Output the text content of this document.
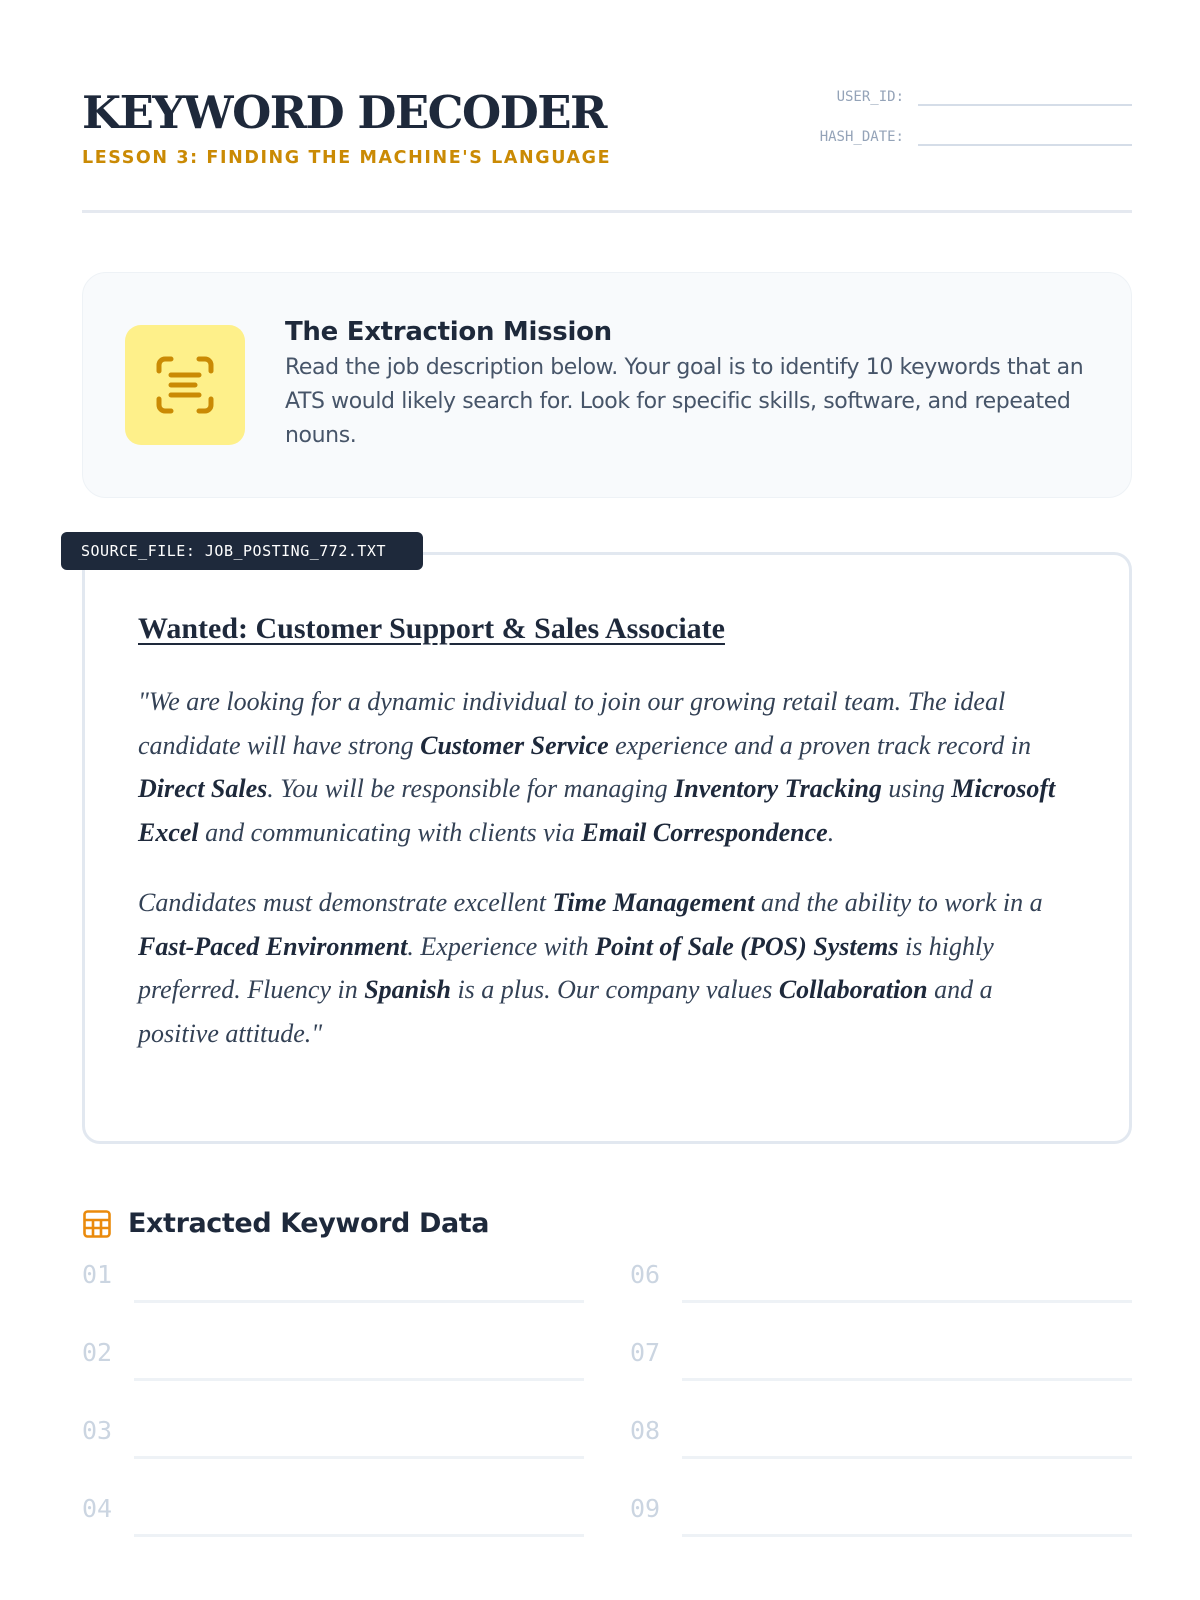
KEYWORD DECODER
LESSON 3: FINDING THE MACHINE'S LANGUAGE
USER_ID:
HASH_DATE:
The Extraction Mission

Read the job description below. Your goal is to identify 10 keywords that an ATS would likely search for. Look for specific skills, software, and repeated nouns.

SOURCE_FILE: JOB_POSTING_772.TXT
Wanted: Customer Support & Sales Associate

"We are looking for a dynamic individual to join our growing retail team. The ideal candidate will have strong Customer Service experience and a proven track record in Direct Sales. You will be responsible for managing Inventory Tracking using Microsoft Excel and communicating with clients via Email Correspondence.

Candidates must demonstrate excellent Time Management and the ability to work in a Fast-Paced Environment. Experience with Point of Sale (POS) Systems is highly preferred. Fluency in Spanish is a plus. Our company values Collaboration and a positive attitude."

Extracted Keyword Data
01
02
03
04
06
07
08
09
